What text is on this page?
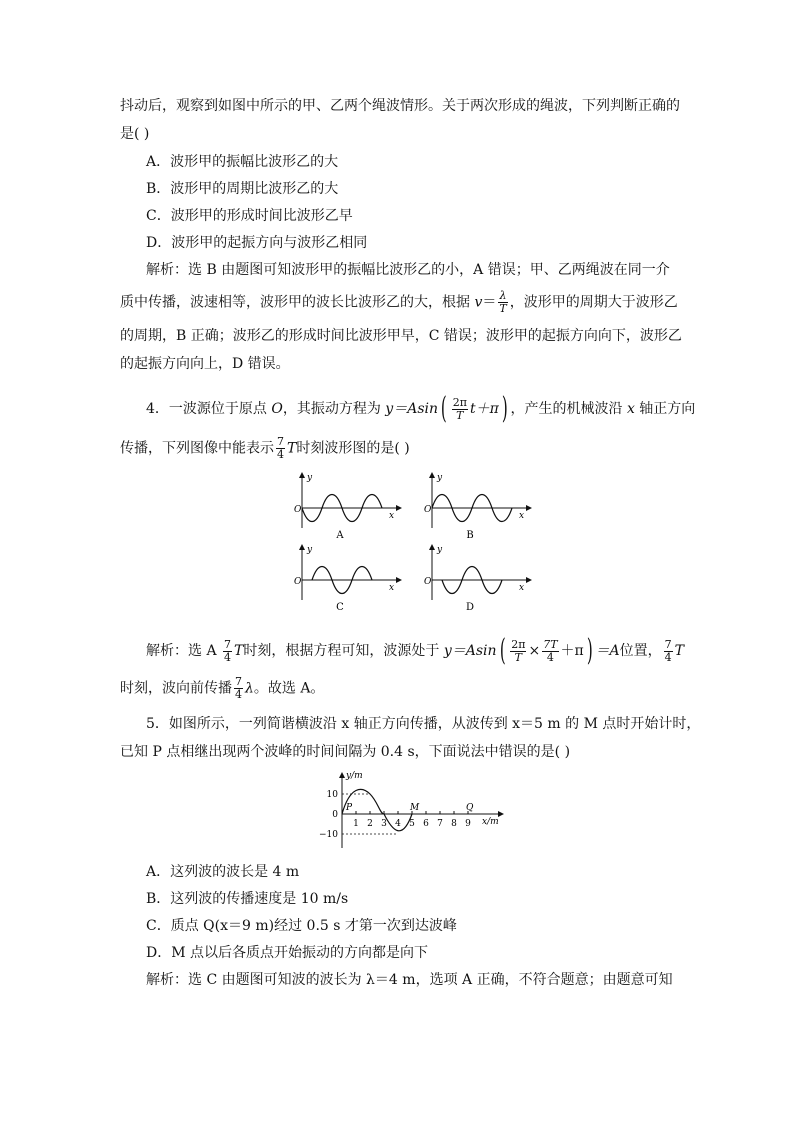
抖动后，观察到如图中所示的甲、乙两个绳波情形。关于两次形成的绳波，下列判断正确的
是( )
A．波形甲的振幅比波形乙的大
B．波形甲的周期比波形乙的大
C．波形甲的形成时间比波形乙早
D．波形甲的起振方向与波形乙相同
解析：选 B 由题图可知波形甲的振幅比波形乙的小，A 错误；甲、乙两绳波在同一介
质中传播，波速相等，波形甲的波长比波形乙的大，根据 $v= \frac{\lambda}{T}$ ，波形甲的周期大于波形乙
的周期，B 正确；波形乙的形成时间比波形甲早，C 错误；波形甲的起振方向向下，波形乙
的起振方向向上，D 错误。
4．一波源位于原点 O，其振动方程为 $y=Asin( \frac{2\pi}{T} t+\pi)$ ，产生的机械波沿 x 轴正方向
传播，下列图像中能表示 $\frac{7}{4}$ T时刻波形图的是( )
y
x
O
A
y
x
O
B
y
x
O
C
y
x
O
D
解析：选 A $\frac{7}{4}$ T时刻，根据方程可知，波源处于 $y=Asin( \frac{2\pi}{T} \times \frac{7T}{4} +\pi) =A$位置， $\frac{7}{4}$ T
时刻，波向前传播 $\frac{7}{4}$ λ。故选 A。
5．如图所示，一列简谐横波沿 x 轴正方向传播，从波传到 x＝5 m 的 M 点时开始计时，
已知 P 点相继出现两个波峰的时间间隔为 0.4 s，下面说法中错误的是( )
y/m
x/m
10
0
−10
1 2 3 4 5 6 7 8 9
P	M	Q
A．这列波的波长是 4 m
B．这列波的传播速度是 10 m/s
C．质点 Q(x＝9 m)经过 0.5 s 才第一次到达波峰
D．M 点以后各质点开始振动的方向都是向下
解析：选 C 由题图可知波的波长为 λ＝4 m，选项 A 正确，不符合题意；由题意可知
